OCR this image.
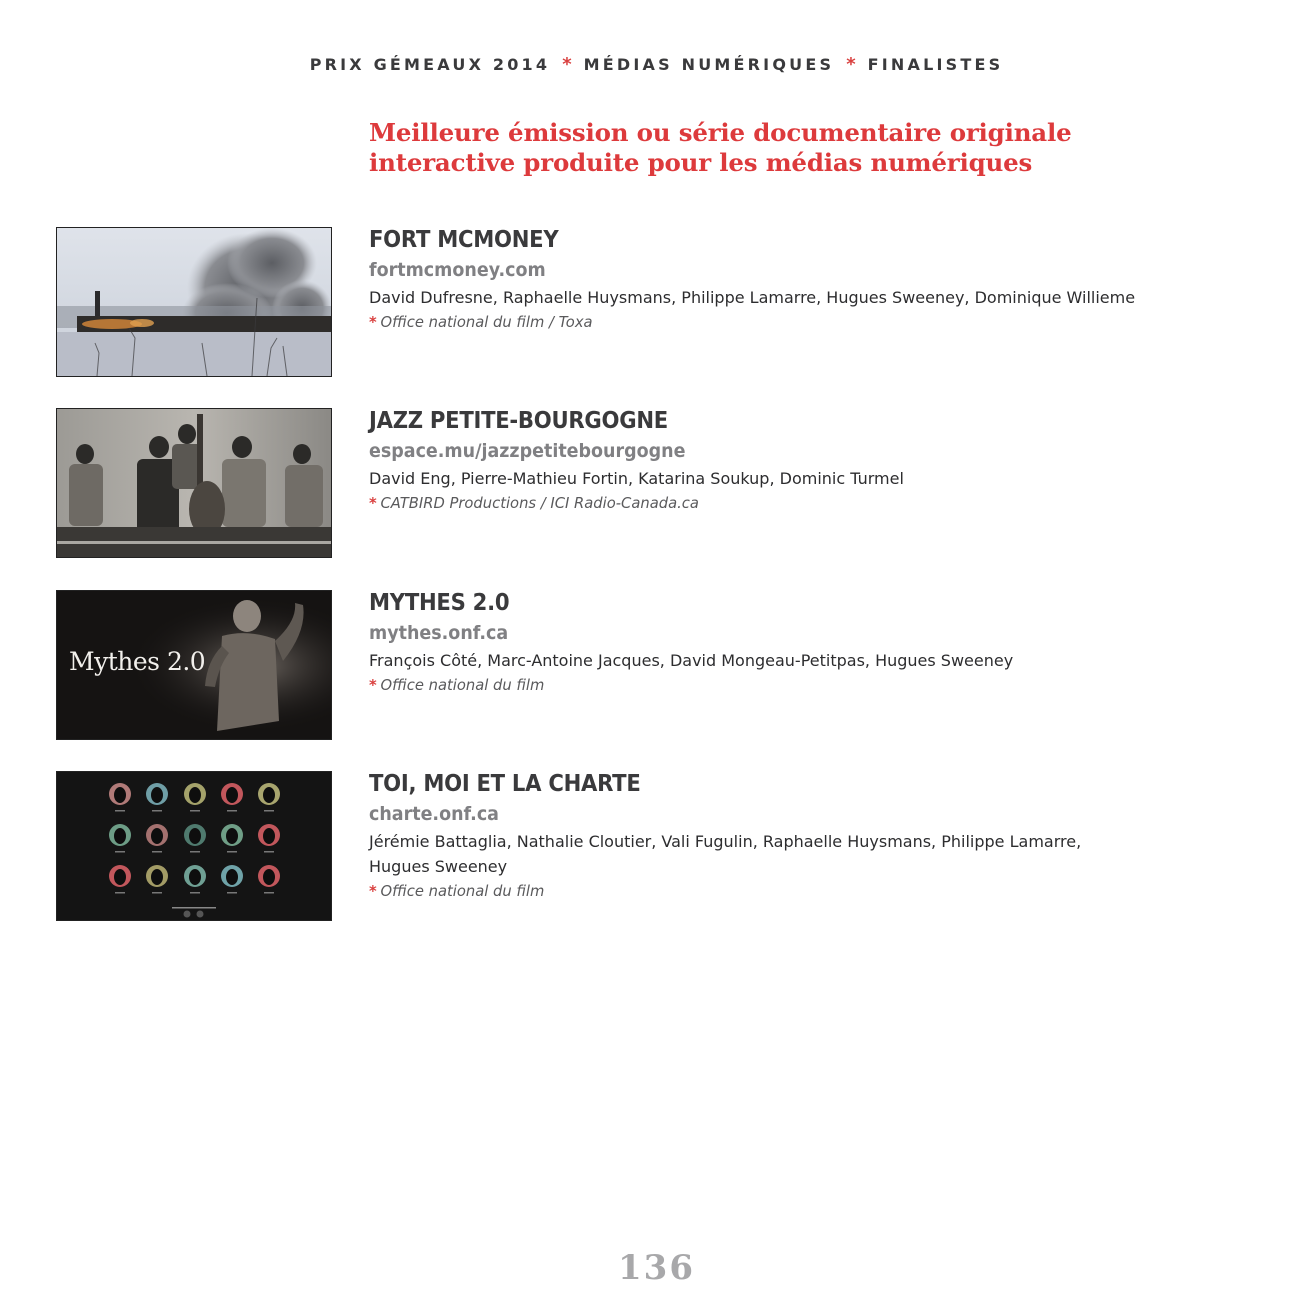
PRIX GÉMEAUX 2014 * MÉDIAS NUMÉRIQUES * FINALISTES
Meilleure émission ou série documentaire originale
interactive produite pour les médias numériques
FORT MCMONEY
fortmcmoney.com
David Dufresne, Raphaelle Huysmans, Philippe Lamarre, Hugues Sweeney, Dominique Willieme
* Office national du film / Toxa
JAZZ PETITE-BOURGOGNE
espace.mu/jazzpetitebourgogne
David Eng, Pierre-Mathieu Fortin, Katarina Soukup, Dominic Turmel
* CATBIRD Productions / ICI Radio-Canada.ca
Mythes 2.0
MYTHES 2.0
mythes.onf.ca
François Côté, Marc-Antoine Jacques, David Mongeau-Petitpas, Hugues Sweeney
* Office national du film
TOI, MOI ET LA CHARTE
charte.onf.ca
Jérémie Battaglia, Nathalie Cloutier, Vali Fugulin, Raphaelle Huysmans, Philippe Lamarre,
Hugues Sweeney
* Office national du film
136
